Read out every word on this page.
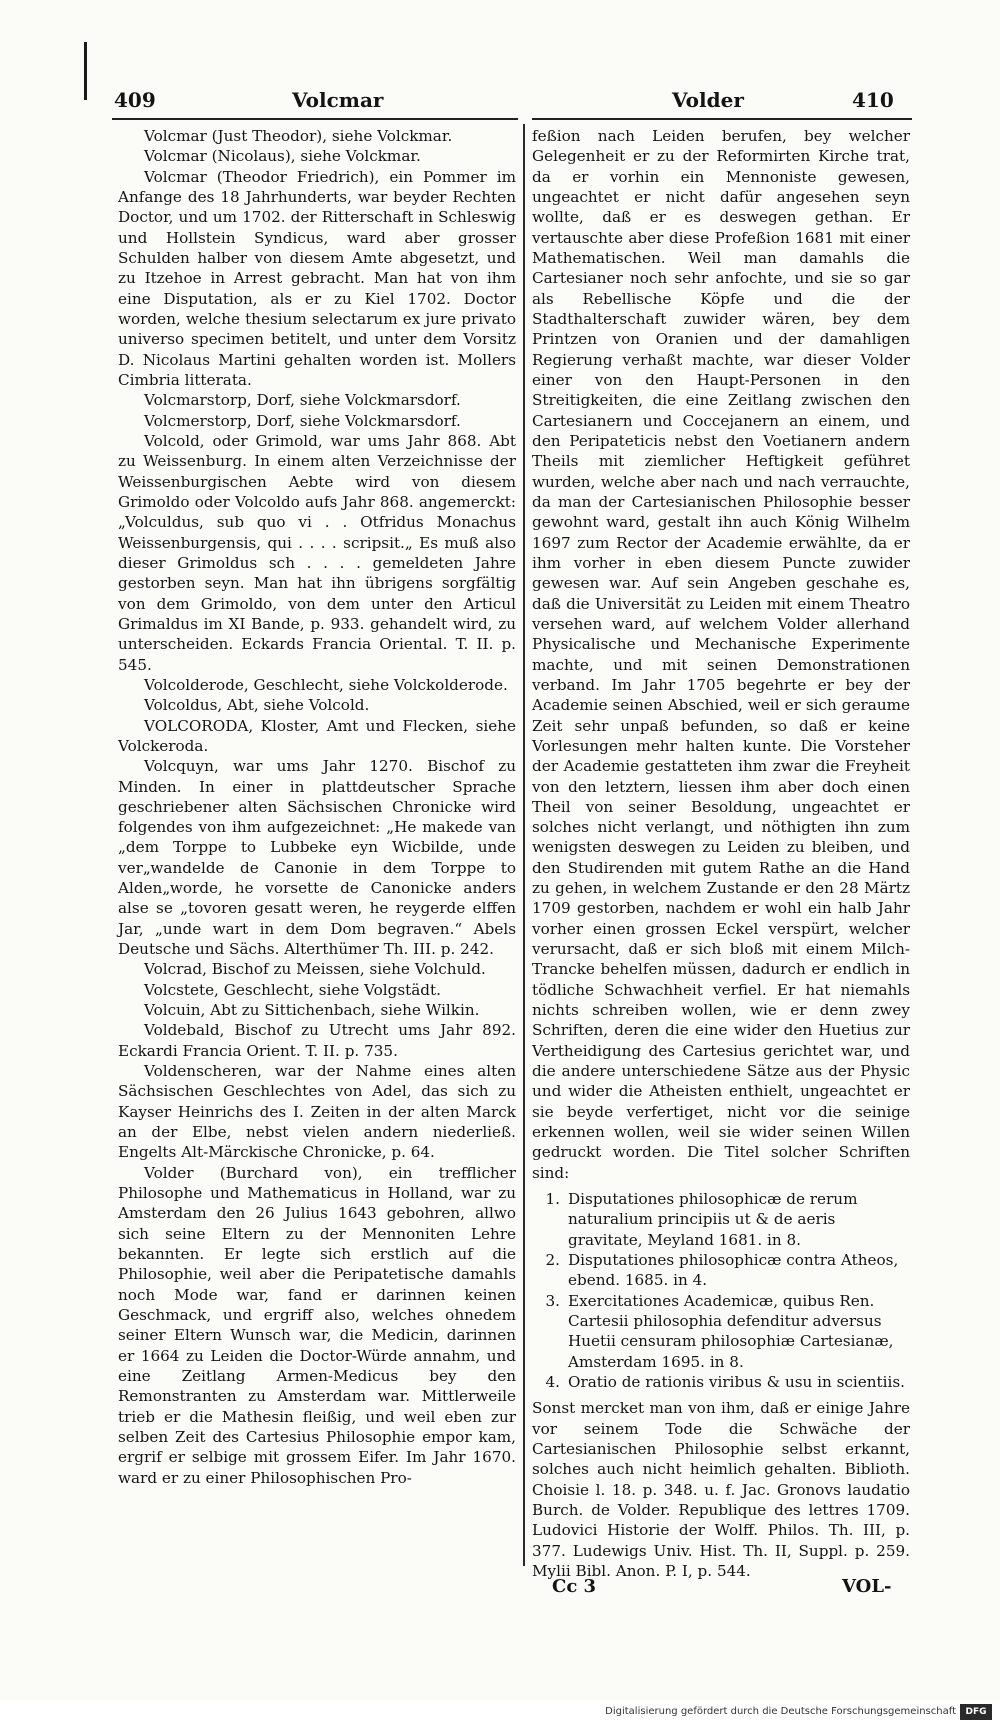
409	Volcmar	Volder	410

Volcmar (Just Theodor), siehe Volckmar.

Volcmar (Nicolaus), siehe Volckmar.

Volcmar (Theodor Friedrich), ein Pommer im Anfange des 18 Jahrhunderts, war beyder Rechten Doctor, und um 1702. der Ritterschaft in Schleswig und Hollstein Syndicus, ward aber grosser Schulden halber von diesem Amte abgesetzt, und zu Itzehoe in Arrest gebracht. Man hat von ihm eine Disputation, als er zu Kiel 1702. Doctor worden, welche thesium selectarum ex jure privato universo specimen betitelt, und unter dem Vorsitz D. Nicolaus Martini gehalten worden ist. Mollers Cimbria litterata.

Volcmarstorp, Dorf, siehe Volckmarsdorf.

Volcmerstorp, Dorf, siehe Volckmarsdorf.

Volcold, oder Grimold, war ums Jahr 868. Abt zu Weissenburg. In einem alten Verzeichnisse der Weissenburgischen Aebte wird von diesem Grimoldo oder Volcoldo aufs Jahr 868. angemerckt: „Volculdus, sub quo vi . . Otfridus Monachus Weissenburgensis, qui . . . . scripsit.„ Es muß also dieser Grimoldus sch . . . . gemeldeten Jahre gestorben seyn. Man hat ihn übrigens sorgfältig von dem Grimoldo, von dem unter den Articul Grimaldus im XI Bande, p. 933. gehandelt wird, zu unterscheiden. Eckards Francia Oriental. T. II. p. 545.

Volcolderode, Geschlecht, siehe Volckolderode.

Volcoldus, Abt, siehe Volcold.

VOLCORODA, Kloster, Amt und Flecken, siehe Volckeroda.

Volcquyn, war ums Jahr 1270. Bischof zu Minden. In einer in plattdeutscher Sprache geschriebener alten Sächsischen Chronicke wird folgendes von ihm aufgezeichnet: „He makede van „dem Torppe to Lubbeke eyn Wicbilde, unde ver„wandelde de Canonie in dem Torppe to Alden„worde, he vorsette de Canonicke anders alse se „tovoren gesatt weren, he reygerde elffen Jar, „unde wart in dem Dom begraven.“ Abels Deutsche und Sächs. Alterthümer Th. III. p. 242.

Volcrad, Bischof zu Meissen, siehe Volchuld.

Volcstete, Geschlecht, siehe Volgstädt.

Volcuin, Abt zu Sittichenbach, siehe Wilkin.

Voldebald, Bischof zu Utrecht ums Jahr 892. Eckardi Francia Orient. T. II. p. 735.

Voldenscheren, war der Nahme eines alten Sächsischen Geschlechtes von Adel, das sich zu Kayser Heinrichs des I. Zeiten in der alten Marck an der Elbe, nebst vielen andern niederließ. Engelts Alt-Märckische Chronicke, p. 64.

Volder (Burchard von), ein trefflicher Philosophe und Mathematicus in Holland, war zu Amsterdam den 26 Julius 1643 gebohren, allwo sich seine Eltern zu der Mennoniten Lehre bekannten. Er legte sich erstlich auf die Philosophie, weil aber die Peripatetische damahls noch Mode war, fand er darinnen keinen Geschmack, und ergriff also, welches ohnedem seiner Eltern Wunsch war, die Medicin, darinnen er 1664 zu Leiden die Doctor-Würde annahm, und eine Zeitlang Armen-Medicus bey den Remonstranten zu Amsterdam war. Mittlerweile trieb er die Mathesin fleißig, und weil eben zur selben Zeit des Cartesius Philosophie empor kam, ergrif er selbige mit grossem Eifer. Im Jahr 1670. ward er zu einer Philosophischen Pro-

feßion nach Leiden berufen, bey welcher Gelegenheit er zu der Reformirten Kirche trat, da er vorhin ein Mennoniste gewesen, ungeachtet er nicht dafür angesehen seyn wollte, daß er es deswegen gethan. Er vertauschte aber diese Profeßion 1681 mit einer Mathematischen. Weil man damahls die Cartesianer noch sehr anfochte, und sie so gar als Rebellische Köpfe und die der Stadthalterschaft zuwider wären, bey dem Printzen von Oranien und der damahligen Regierung verhaßt machte, war dieser Volder einer von den Haupt-Personen in den Streitigkeiten, die eine Zeitlang zwischen den Cartesianern und Coccejanern an einem, und den Peripateticis nebst den Voetianern andern Theils mit ziemlicher Heftigkeit geführet wurden, welche aber nach und nach verrauchte, da man der Cartesianischen Philosophie besser gewohnt ward, gestalt ihn auch König Wilhelm 1697 zum Rector der Academie erwählte, da er ihm vorher in eben diesem Puncte zuwider gewesen war. Auf sein Angeben geschahe es, daß die Universität zu Leiden mit einem Theatro versehen ward, auf welchem Volder allerhand Physicalische und Mechanische Experimente machte, und mit seinen Demonstrationen verband. Im Jahr 1705 begehrte er bey der Academie seinen Abschied, weil er sich geraume Zeit sehr unpaß befunden, so daß er keine Vorlesungen mehr halten kunte. Die Vorsteher der Academie gestatteten ihm zwar die Freyheit von den letztern, liessen ihm aber doch einen Theil von seiner Besoldung, ungeachtet er solches nicht verlangt, und nöthigten ihn zum wenigsten deswegen zu Leiden zu bleiben, und den Studirenden mit gutem Rathe an die Hand zu gehen, in welchem Zustande er den 28 Märtz 1709 gestorben, nachdem er wohl ein halb Jahr vorher einen grossen Eckel verspürt, welcher verursacht, daß er sich bloß mit einem Milch-Trancke behelfen müssen, dadurch er endlich in tödliche Schwachheit verfiel. Er hat niemahls nichts schreiben wollen, wie er denn zwey Schriften, deren die eine wider den Huetius zur Vertheidigung des Cartesius gerichtet war, und die andere unterschiedene Sätze aus der Physic und wider die Atheisten enthielt, ungeachtet er sie beyde verfertiget, nicht vor die seinige erkennen wollen, weil sie wider seinen Willen gedruckt worden. Die Titel solcher Schriften sind:

1. Disputationes philosophicæ de rerum naturalium principiis ut & de aeris gravitate, Meyland 1681. in 8.
2. Disputationes philosophicæ contra Atheos, ebend. 1685. in 4.
3. Exercitationes Academicæ, quibus Ren. Cartesii philosophia defenditur adversus Huetii censuram philosophiæ Cartesianæ, Amsterdam 1695. in 8.
4. Oratio de rationis viribus & usu in scientiis.

Sonst mercket man von ihm, daß er einige Jahre vor seinem Tode die Schwäche der Cartesianischen Philosophie selbst erkannt, solches auch nicht heimlich gehalten. Biblioth. Choisie l. 18. p. 348. u. f. Jac. Gronovs laudatio Burch. de Volder. Republique des lettres 1709. Ludovici Historie der Wolff. Philos. Th. III, p. 377. Ludewigs Univ. Hist. Th. II, Suppl. p. 259. Mylii Bibl. Anon. P. I, p. 544.

Cc 3	VOL-
Digitalisierung gefördert durch die Deutsche Forschungsgemeinschaft	DFG
